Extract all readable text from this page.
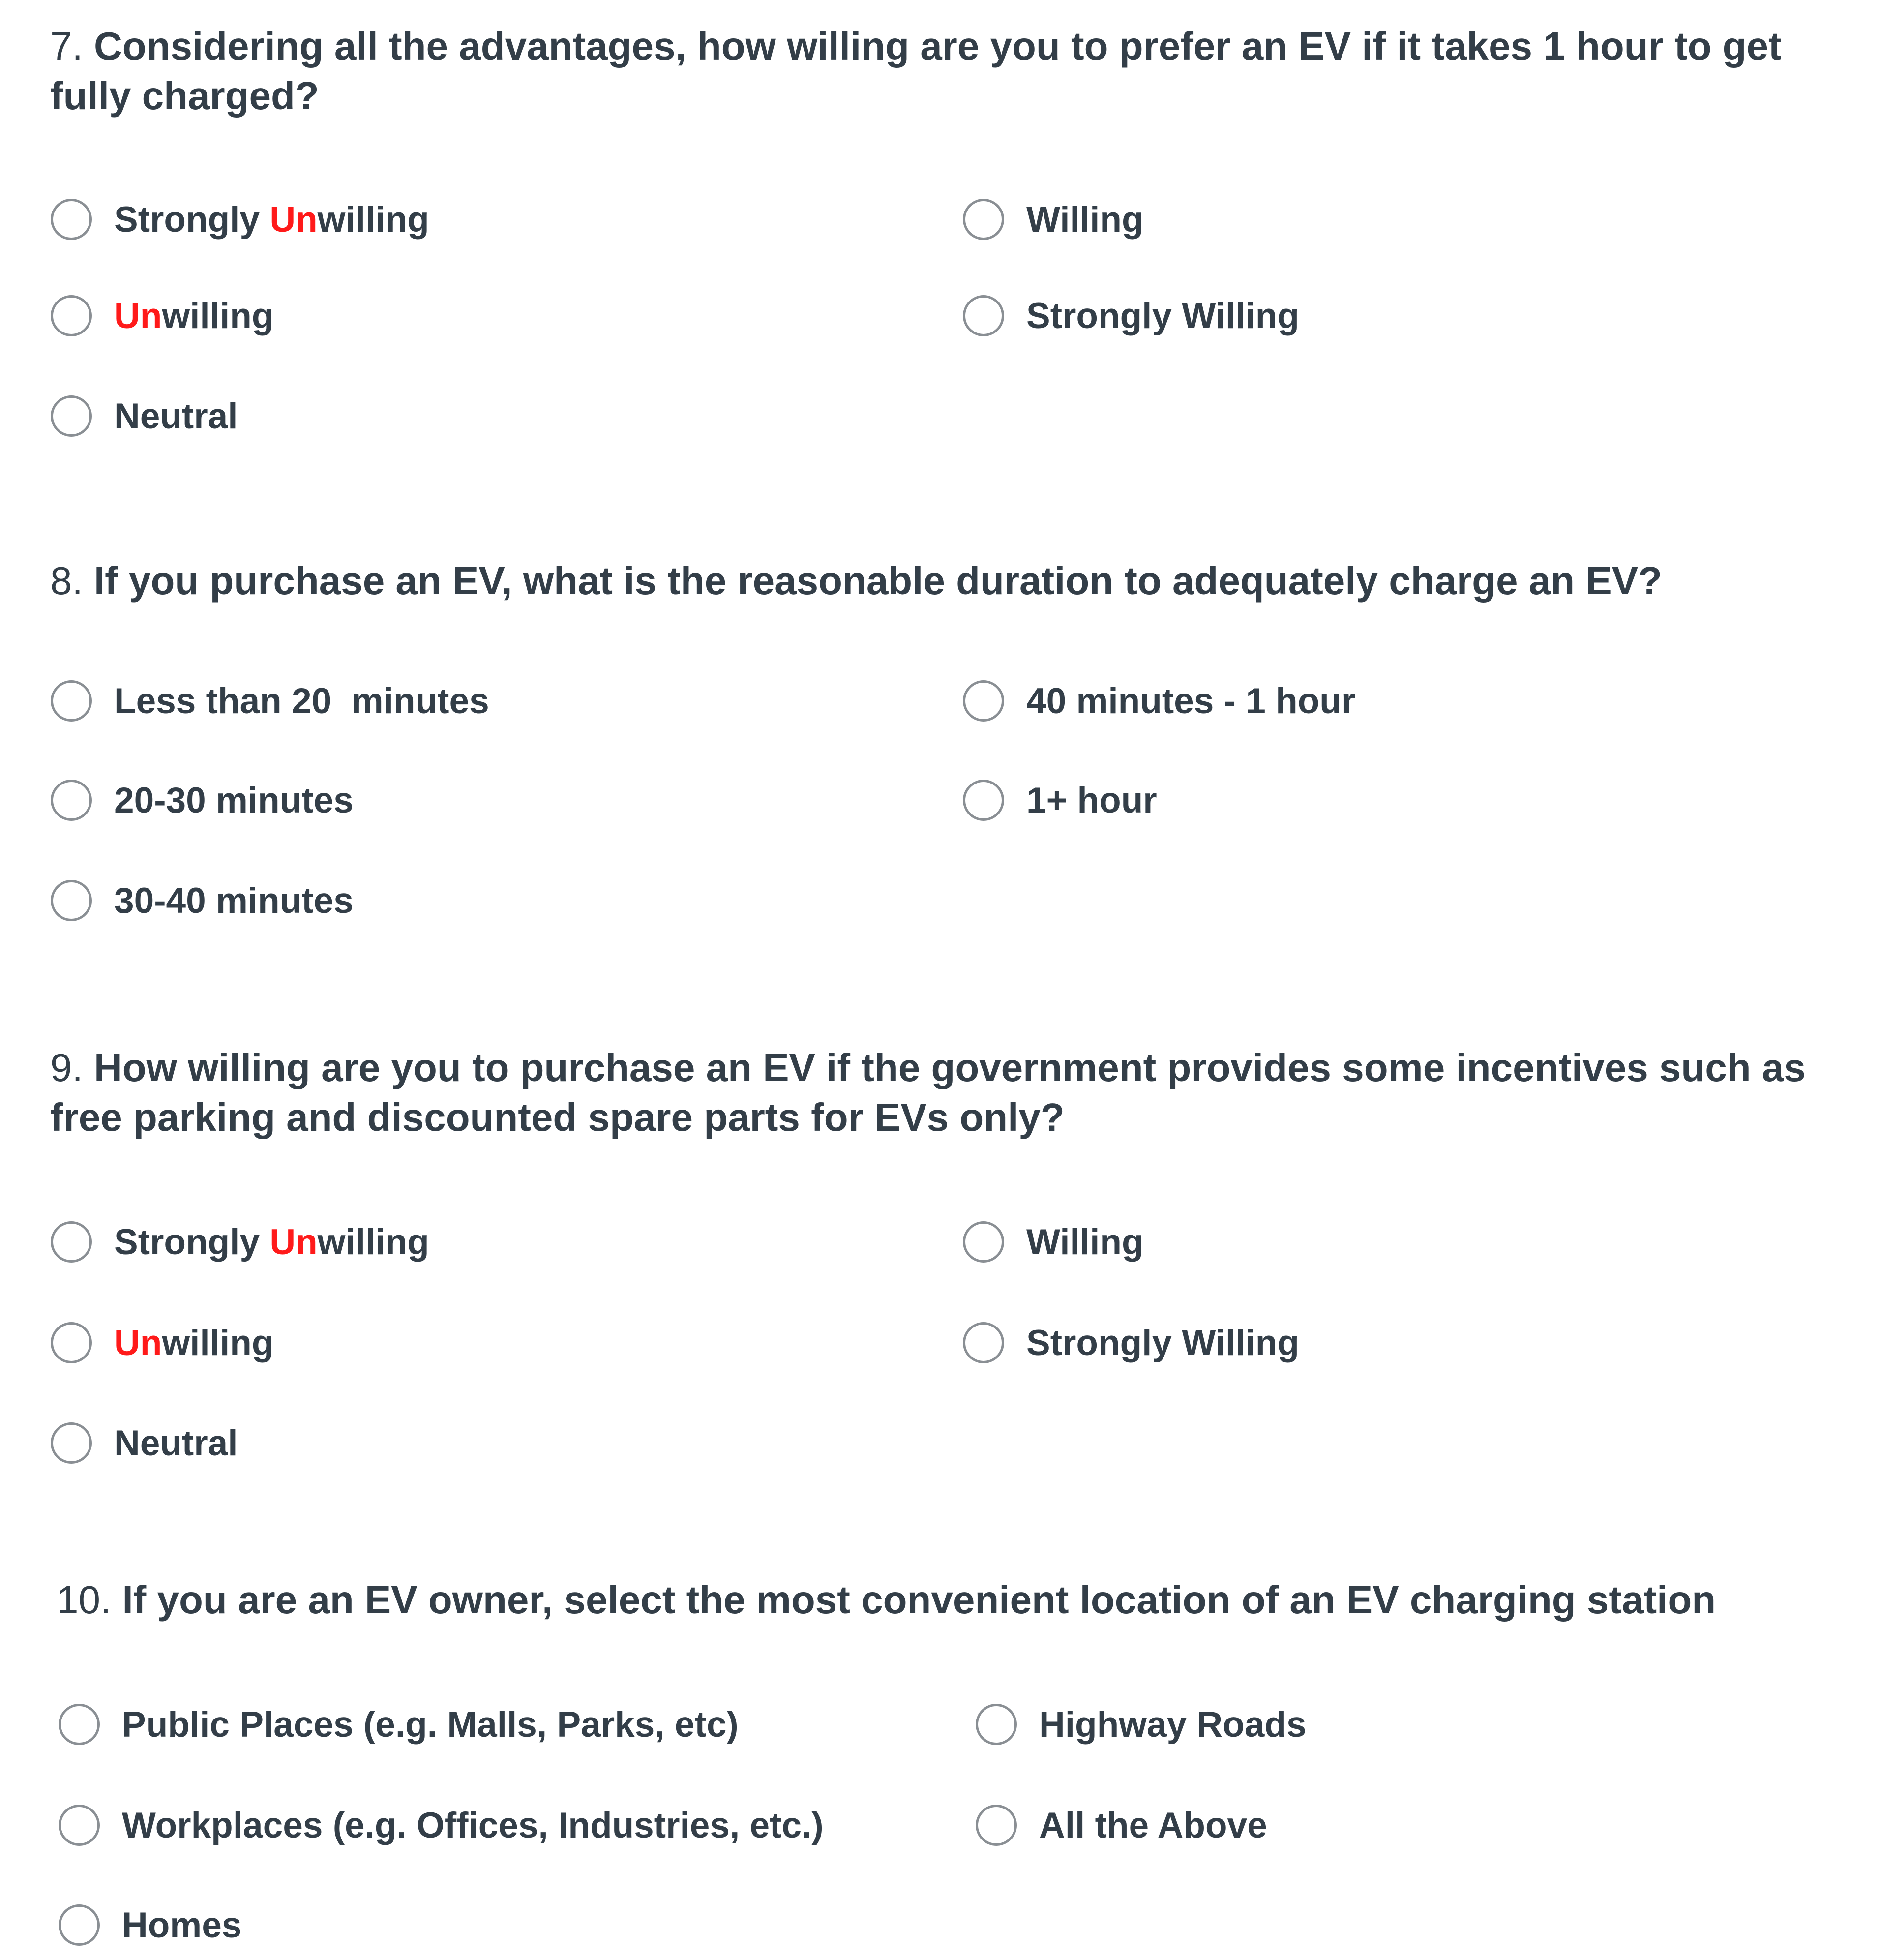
7. Considering all the advantages, how willing are you to prefer an EV if it takes 1 hour to get fully charged?
Strongly Unwilling
Unwilling
Neutral
Willing
Strongly Willing
8. If you purchase an EV, what is the reasonable duration to adequately charge an EV?
Less than 20  minutes
20-30 minutes
30-40 minutes
40 minutes - 1 hour
1+ hour
9. How willing are you to purchase an EV if the government provides some incentives such as free parking and discounted spare parts for EVs only?
Strongly Unwilling
Unwilling
Neutral
Willing
Strongly Willing
10. If you are an EV owner, select the most convenient location of an EV charging station
Public Places (e.g. Malls, Parks, etc)
Workplaces (e.g. Offices, Industries, etc.)
Homes
Highway Roads
All the Above
